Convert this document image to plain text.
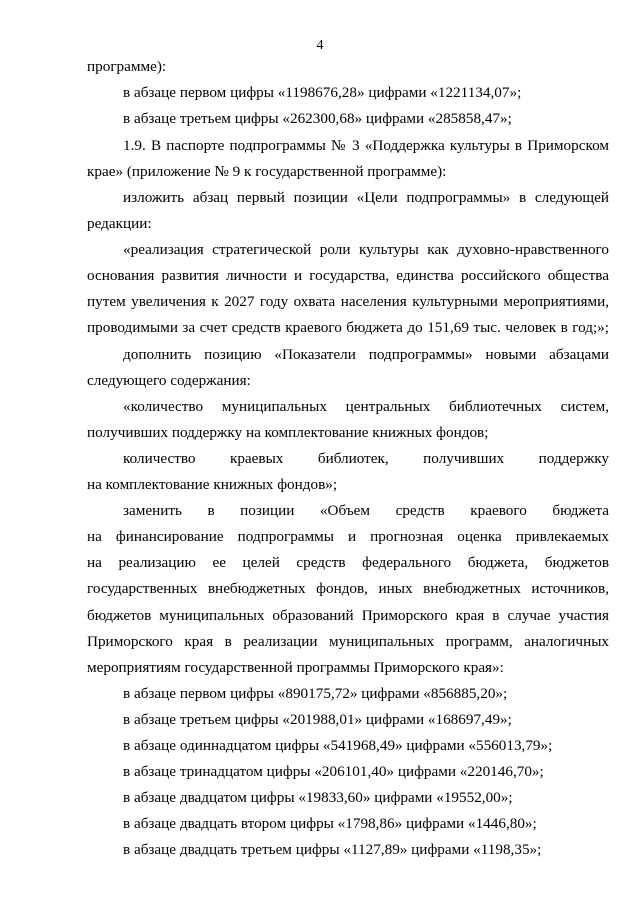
4
программе):
в абзаце первом цифры «1198676,28» цифрами «1221134,07»;
в абзаце третьем цифры «262300,68» цифрами «285858,47»;
1.9. В паспорте подпрограммы № 3 «Поддержка культуры в Приморском
крае» (приложение № 9 к государственной программе):
изложить абзац первый позиции «Цели подпрограммы» в следующей
редакции:
«реализация стратегической роли культуры как духовно-нравственного
основания развития личности и государства, единства российского общества
путем увеличения к 2027 году охвата населения культурными мероприятиями,
проводимыми за счет средств краевого бюджета до 151,69 тыс. человек в год;»;
дополнить позицию «Показатели подпрограммы» новыми абзацами
следующего содержания:
«количество муниципальных центральных библиотечных систем,
получивших поддержку на комплектование книжных фондов;
количество краевых библиотек, получивших поддержку
на комплектование книжных фондов»;
заменить в позиции «Объем средств краевого бюджета
на финансирование подпрограммы и прогнозная оценка привлекаемых
на реализацию ее целей средств федерального бюджета, бюджетов
государственных внебюджетных фондов, иных внебюджетных источников,
бюджетов муниципальных образований Приморского края в случае участия
Приморского края в реализации муниципальных программ, аналогичных
мероприятиям государственной программы Приморского края»:
в абзаце первом цифры «890175,72» цифрами «856885,20»;
в абзаце третьем цифры «201988,01» цифрами «168697,49»;
в абзаце одиннадцатом цифры «541968,49» цифрами «556013,79»;
в абзаце тринадцатом цифры «206101,40» цифрами «220146,70»;
в абзаце двадцатом цифры «19833,60» цифрами «19552,00»;
в абзаце двадцать втором цифры «1798,86» цифрами «1446,80»;
в абзаце двадцать третьем цифры «1127,89» цифрами «1198,35»;
